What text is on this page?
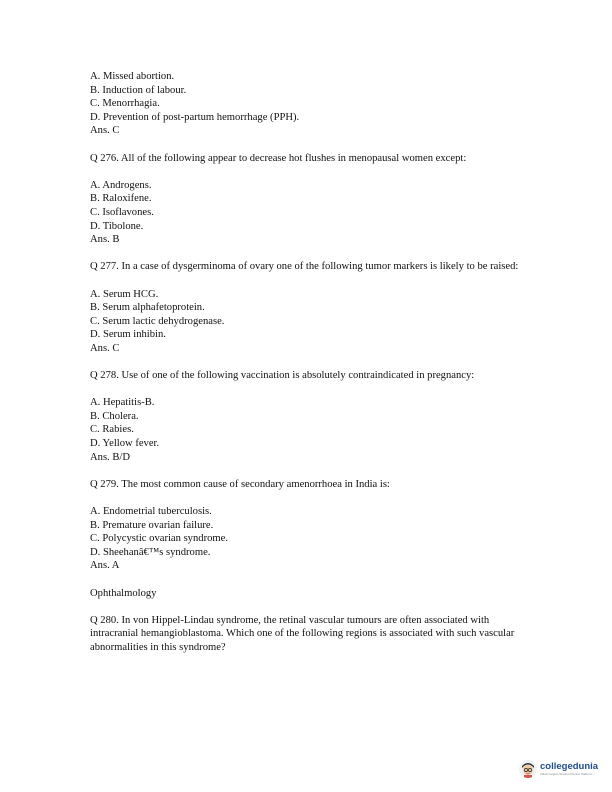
A. Missed abortion.
B. Induction of labour.
C. Menorrhagia.
D. Prevention of post-partum hemorrhage (PPH).
Ans. C
Q 276. All of the following appear to decrease hot flushes in menopausal women except:
A. Androgens.
B. Raloxifene.
C. Isoflavones.
D. Tibolone.
Ans. B
Q 277. In a case of dysgerminoma of ovary one of the following tumor markers is likely to be raised:
A. Serum HCG.
B. Serum alphafetoprotein.
C. Serum lactic dehydrogenase.
D. Serum inhibin.
Ans. C
Q 278. Use of one of the following vaccination is absolutely contraindicated in pregnancy:
A. Hepatitis-B.
B. Cholera.
C. Rabies.
D. Yellow fever.
Ans. B/D
Q 279. The most common cause of secondary amenorrhoea in India is:
A. Endometrial tuberculosis.
B. Premature ovarian failure.
C. Polycystic ovarian syndrome.
D. Sheehanâ€™s syndrome.
Ans. A
Ophthalmology
Q 280. In von Hippel-Lindau syndrome, the retinal vascular tumours are often associated with intracranial hemangioblastoma. Which one of the following regions is associated with such vascular abnormalities in this syndrome?
collegedunia
India's largest Student Review Platform
